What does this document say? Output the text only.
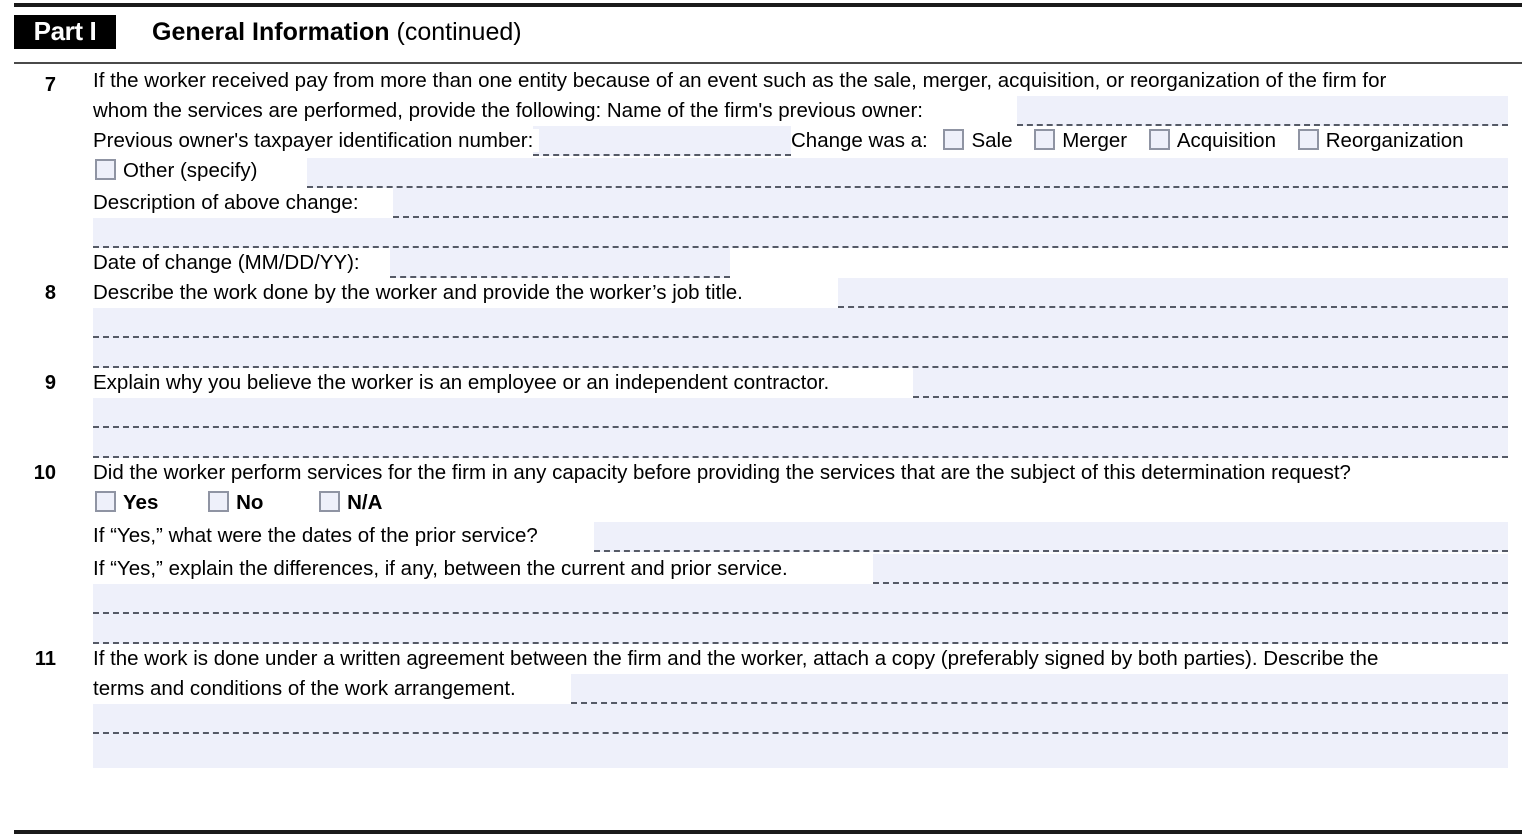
Part I	General Information (continued)
7 If the worker received pay from more than one entity because of an event such as the sale, merger, acquisition, or reorganization of the firm for
whom the services are performed, provide the following: Name of the firm's previous owner:
Previous owner's taxpayer identification number:	Change was a: Sale Merger Acquisition Reorganization
Other (specify)
Description of above change:
Date of change (MM/DD/YY):
8 Describe the work done by the worker and provide the worker’s job title.
9 Explain why you believe the worker is an employee or an independent contractor.
10 Did the worker perform services for the firm in any capacity before providing the services that are the subject of this determination request?
Yes	No	N/A
If “Yes,” what were the dates of the prior service?
If “Yes,” explain the differences, if any, between the current and prior service.
11 If the work is done under a written agreement between the firm and the worker, attach a copy (preferably signed by both parties). Describe the
terms and conditions of the work arrangement.
